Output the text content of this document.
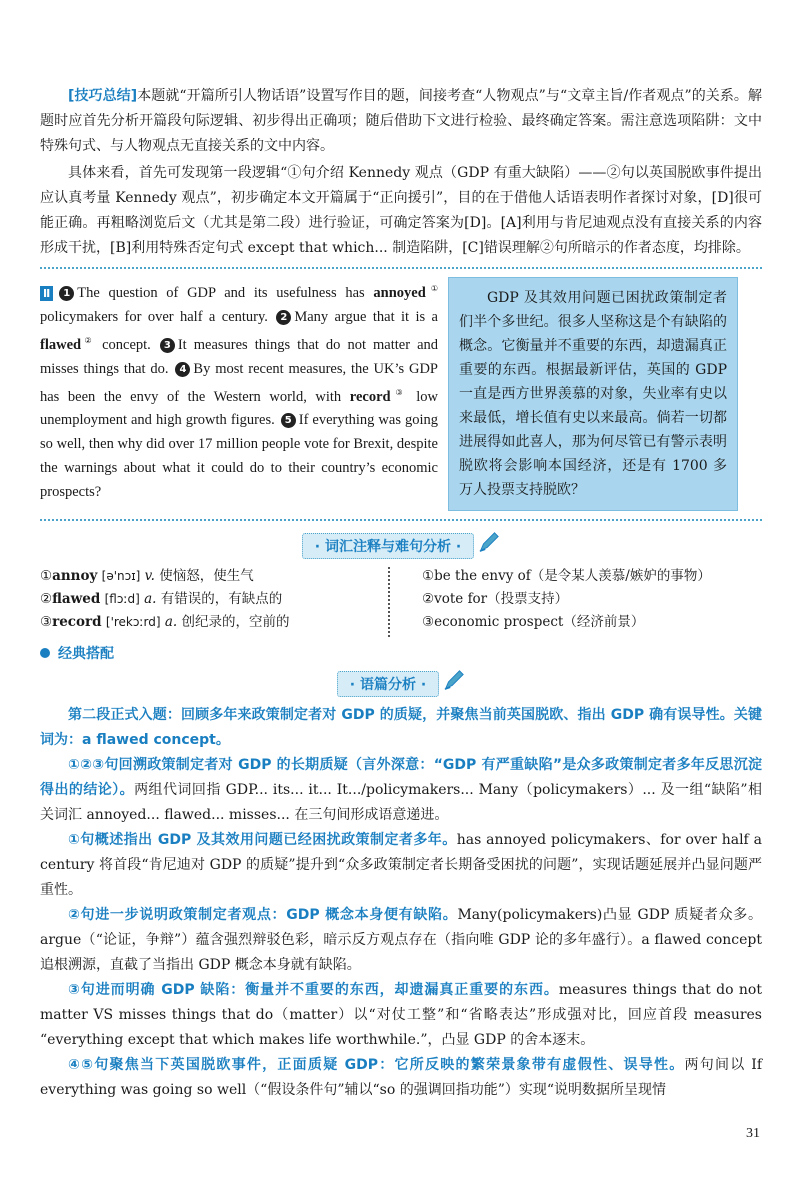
[技巧总结]本题就“开篇所引人物话语”设置写作目的题，间接考查“人物观点”与“文章主旨/作者观点”的关系。解题时应首先分析开篇段句际逻辑、初步得出正确项；随后借助下文进行检验、最终确定答案。需注意选项陷阱：文中特殊句式、与人物观点无直接关系的文中内容。

具体来看，首先可发现第一段逻辑“①句介绍 Kennedy 观点（GDP 有重大缺陷）——②句以英国脱欧事件提出应认真考量 Kennedy 观点”，初步确定本文开篇属于“正向援引”，目的在于借他人话语表明作者探讨对象，[D]很可能正确。再粗略浏览后文（尤其是第二段）进行验证，可确定答案为[D]。[A]利用与肯尼迪观点没有直接关系的内容形成干扰，[B]利用特殊否定句式 except that which... 制造陷阱，[C]错误理解②句所暗示的作者态度，均排除。

Ⅱ 1 The question of GDP and its usefulness has annoyed① policymakers for over half a century. 2 Many argue that it is a flawed② concept. 3 It measures things that do not matter and misses things that do. 4 By most recent measures, the UK’s GDP has been the envy of the Western world, with record③ low unemployment and high growth figures. 5 If everything was going so well, then why did over 17 million people vote for Brexit, despite the warnings about what it could do to their country’s economic prospects?

GDP 及其效用问题已困扰政策制定者们半个多世纪。很多人坚称这是个有缺陷的概念。它衡量并不重要的东西，却遗漏真正重要的东西。根据最新评估，英国的 GDP 一直是西方世界羡慕的对象，失业率有史以来最低，增长值有史以来最高。倘若一切都进展得如此喜人，那为何尽管已有警示表明脱欧将会影响本国经济，还是有 1700 多万人投票支持脱欧？

· 词汇注释与难句分析 ·
①annoy [ə'nɔɪ] v. 使恼怒，使生气
②flawed [flɔːd] a. 有错误的，有缺点的
③record ['rekɔːrd] a. 创纪录的，空前的
①be the envy of（是令某人羡慕/嫉妒的事物）
②vote for（投票支持）
③economic prospect（经济前景）
经典搭配
· 语篇分析 ·

第二段正式入题：回顾多年来政策制定者对 GDP 的质疑，并聚焦当前英国脱欧、指出 GDP 确有误导性。关键词为：a flawed concept。

①②③句回溯政策制定者对 GDP 的长期质疑（言外深意：“GDP 有严重缺陷”是众多政策制定者多年反思沉淀得出的结论）。两组代词回指 GDP... its... it... It.../policymakers... Many（policymakers）... 及一组“缺陷”相关词汇 annoyed... flawed... misses... 在三句间形成语意递进。

①句概述指出 GDP 及其效用问题已经困扰政策制定者多年。has annoyed policymakers、for over half a century 将首段“肯尼迪对 GDP 的质疑”提升到“众多政策制定者长期备受困扰的问题”，实现话题延展并凸显问题严重性。

②句进一步说明政策制定者观点：GDP 概念本身便有缺陷。Many(policymakers)凸显 GDP 质疑者众多。argue（“论证，争辩”）蕴含强烈辩驳色彩，暗示反方观点存在（指向唯 GDP 论的多年盛行）。a flawed concept 追根溯源，直截了当指出 GDP 概念本身就有缺陷。

③句进而明确 GDP 缺陷：衡量并不重要的东西，却遗漏真正重要的东西。measures things that do not matter VS misses things that do（matter）以“对仗工整”和“省略表达”形成强对比，回应首段 measures “everything except that which makes life worthwhile.”，凸显 GDP 的舍本逐末。

④⑤句聚焦当下英国脱欧事件，正面质疑 GDP：它所反映的繁荣景象带有虚假性、误导性。两句间以 If everything was going so well（“假设条件句”辅以“so 的强调回指功能”）实现“说明数据所呈现情

31
